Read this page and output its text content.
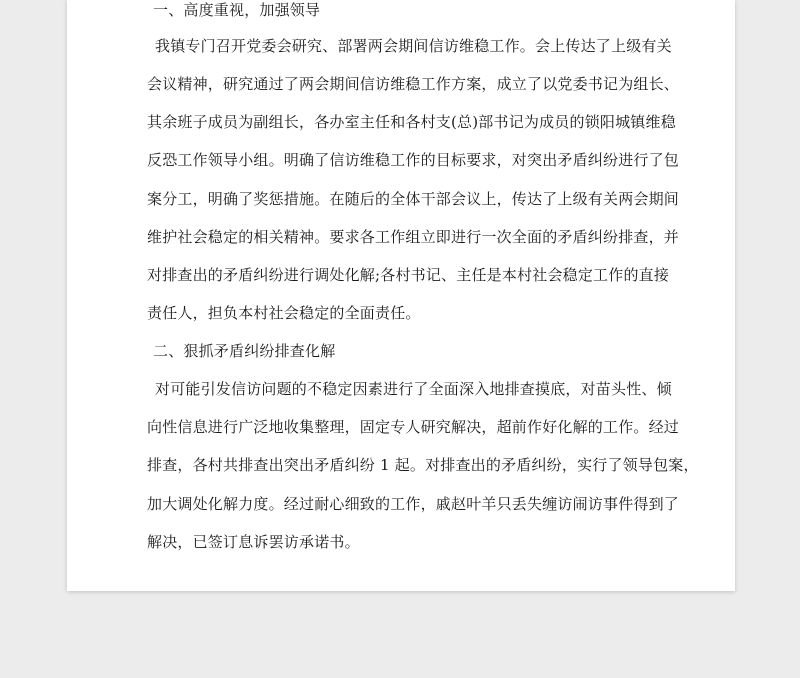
一、高度重视，加强领导

我镇专门召开党委会研究、部署两会期间信访维稳工作。会上传达了上级有关

会议精神，研究通过了两会期间信访维稳工作方案，成立了以党委书记为组长、

其余班子成员为副组长，各办室主任和各村支(总)部书记为成员的锁阳城镇维稳

反恐工作领导小组。明确了信访维稳工作的目标要求，对突出矛盾纠纷进行了包

案分工，明确了奖惩措施。在随后的全体干部会议上，传达了上级有关两会期间

维护社会稳定的相关精神。要求各工作组立即进行一次全面的矛盾纠纷排查，并

对排查出的矛盾纠纷进行调处化解;各村书记、主任是本村社会稳定工作的直接

责任人，担负本村社会稳定的全面责任。

二、狠抓矛盾纠纷排查化解

对可能引发信访问题的不稳定因素进行了全面深入地排查摸底，对苗头性、倾

向性信息进行广泛地收集整理，固定专人研究解决，超前作好化解的工作。经过

排查，各村共排查出突出矛盾纠纷 1 起。对排查出的矛盾纠纷，实行了领导包案，

加大调处化解力度。经过耐心细致的工作，戚赵叶羊只丢失缠访闹访事件得到了

解决，已签订息诉罢访承诺书。
